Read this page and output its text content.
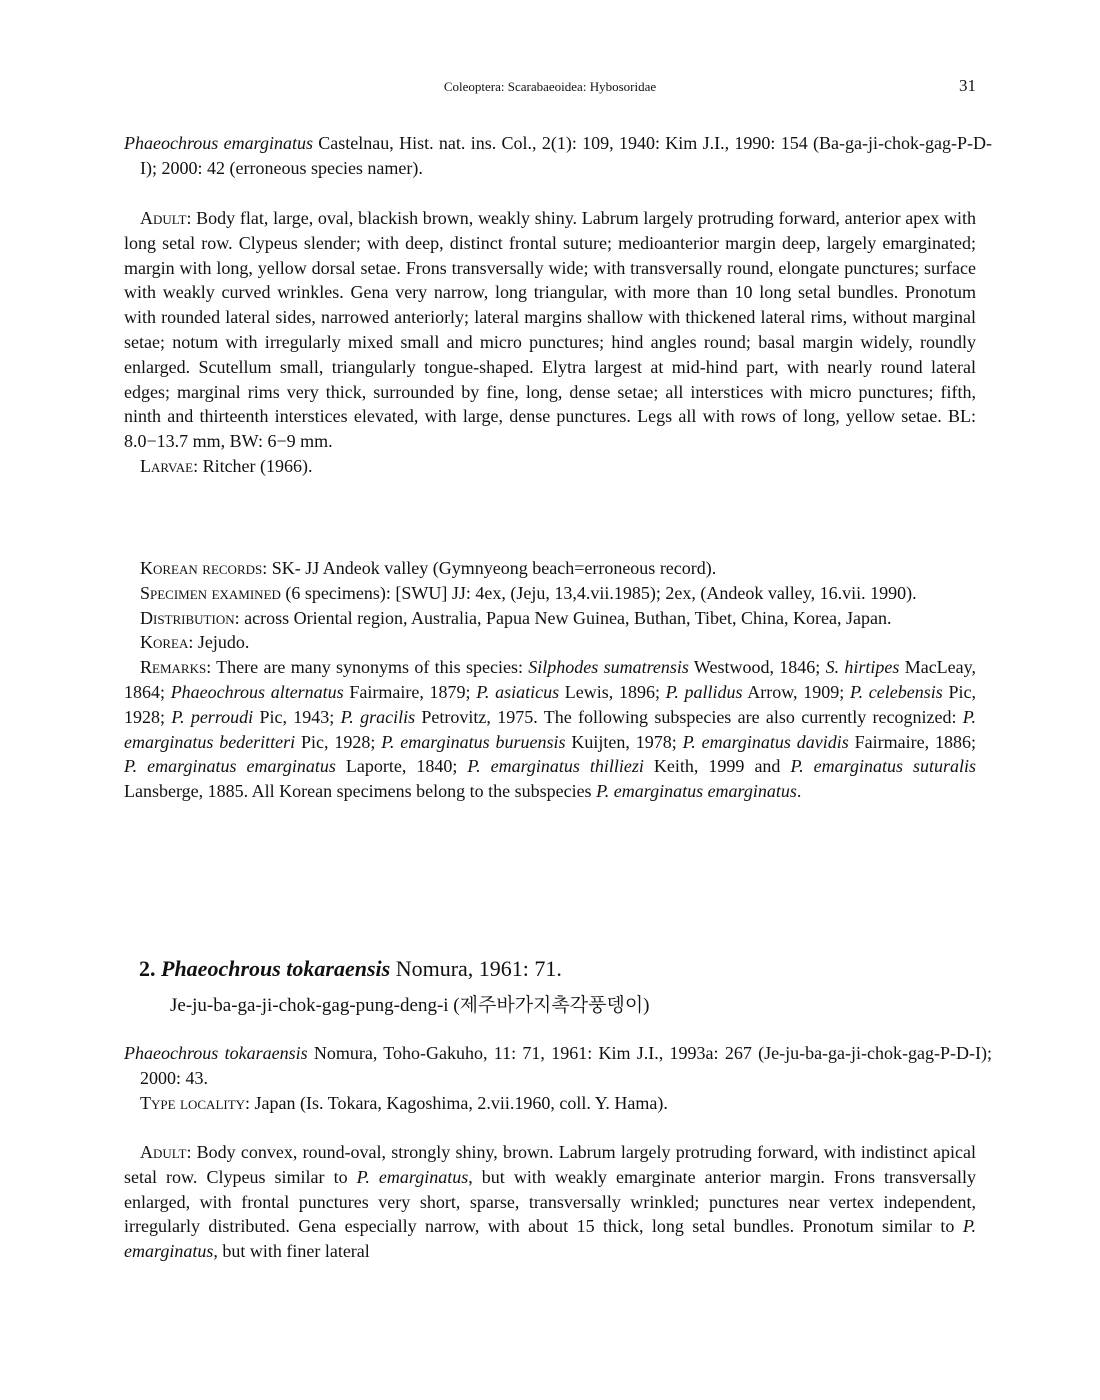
Coleoptera: Scarabaeoidea: Hybosoridae	31
Phaeochrous emarginatus Castelnau, Hist. nat. ins. Col., 2(1): 109, 1940: Kim J.I., 1990: 154 (Ba-ga-ji-chok-gag-P-D-I); 2000: 42 (erroneous species namer).

Adult: Body flat, large, oval, blackish brown, weakly shiny. Labrum largely protruding forward, anterior apex with long setal row. Clypeus slender; with deep, distinct frontal suture; medioanterior margin deep, largely emarginated; margin with long, yellow dorsal setae. Frons transversally wide; with transversally round, elongate punctures; surface with weakly curved wrinkles. Gena very narrow, long triangular, with more than 10 long setal bundles. Pronotum with rounded lateral sides, narrowed anteriorly; lateral margins shallow with thickened lateral rims, without marginal setae; notum with irregularly mixed small and micro punctures; hind angles round; basal margin widely, roundly enlarged. Scutellum small, triangularly tongue-shaped. Elytra largest at mid-hind part, with nearly round lateral edges; marginal rims very thick, surrounded by fine, long, dense setae; all interstices with micro punctures; fifth, ninth and thirteenth interstices elevated, with large, dense punctures. Legs all with rows of long, yellow setae. BL: 8.0−13.7 mm, BW: 6−9 mm.

Larvae: Ritcher (1966).

Korean records: SK- JJ Andeok valley (Gymnyeong beach=erroneous record).

Specimen examined (6 specimens): [SWU] JJ: 4ex, (Jeju, 13,4.vii.1985); 2ex, (Andeok valley, 16.vii. 1990).

Distribution: across Oriental region, Australia, Papua New Guinea, Buthan, Tibet, China, Korea, Japan.

Korea: Jejudo.

Remarks: There are many synonyms of this species: Silphodes sumatrensis Westwood, 1846; S. hirtipes MacLeay, 1864; Phaeochrous alternatus Fairmaire, 1879; P. asiaticus Lewis, 1896; P. pallidus Arrow, 1909; P. celebensis Pic, 1928; P. perroudi Pic, 1943; P. gracilis Petrovitz, 1975. The following subspecies are also currently recognized: P. emarginatus bederitteri Pic, 1928; P. emarginatus buruensis Kuijten, 1978; P. emarginatus davidis Fairmaire, 1886; P. emarginatus emarginatus Laporte, 1840; P. emarginatus thilliezi Keith, 1999 and P. emarginatus suturalis Lansberge, 1885. All Korean specimens belong to the subspecies P. emarginatus emarginatus.

2. Phaeochrous tokaraensis Nomura, 1961: 71.
Je-ju-ba-ga-ji-chok-gag-pung-deng-i (제주바가지촉각풍뎅이)
Phaeochrous tokaraensis Nomura, Toho-Gakuho, 11: 71, 1961: Kim J.I., 1993a: 267 (Je-ju-ba-ga-ji-chok-gag-P-D-I); 2000: 43.

Type locality: Japan (Is. Tokara, Kagoshima, 2.vii.1960, coll. Y. Hama).

Adult: Body convex, round-oval, strongly shiny, brown. Labrum largely protruding forward, with indistinct apical setal row. Clypeus similar to P. emarginatus, but with weakly emarginate anterior margin. Frons transversally enlarged, with frontal punctures very short, sparse, transversally wrinkled; punctures near vertex independent, irregularly distributed. Gena especially narrow, with about 15 thick, long setal bundles. Pronotum similar to P. emarginatus, but with finer lateral
